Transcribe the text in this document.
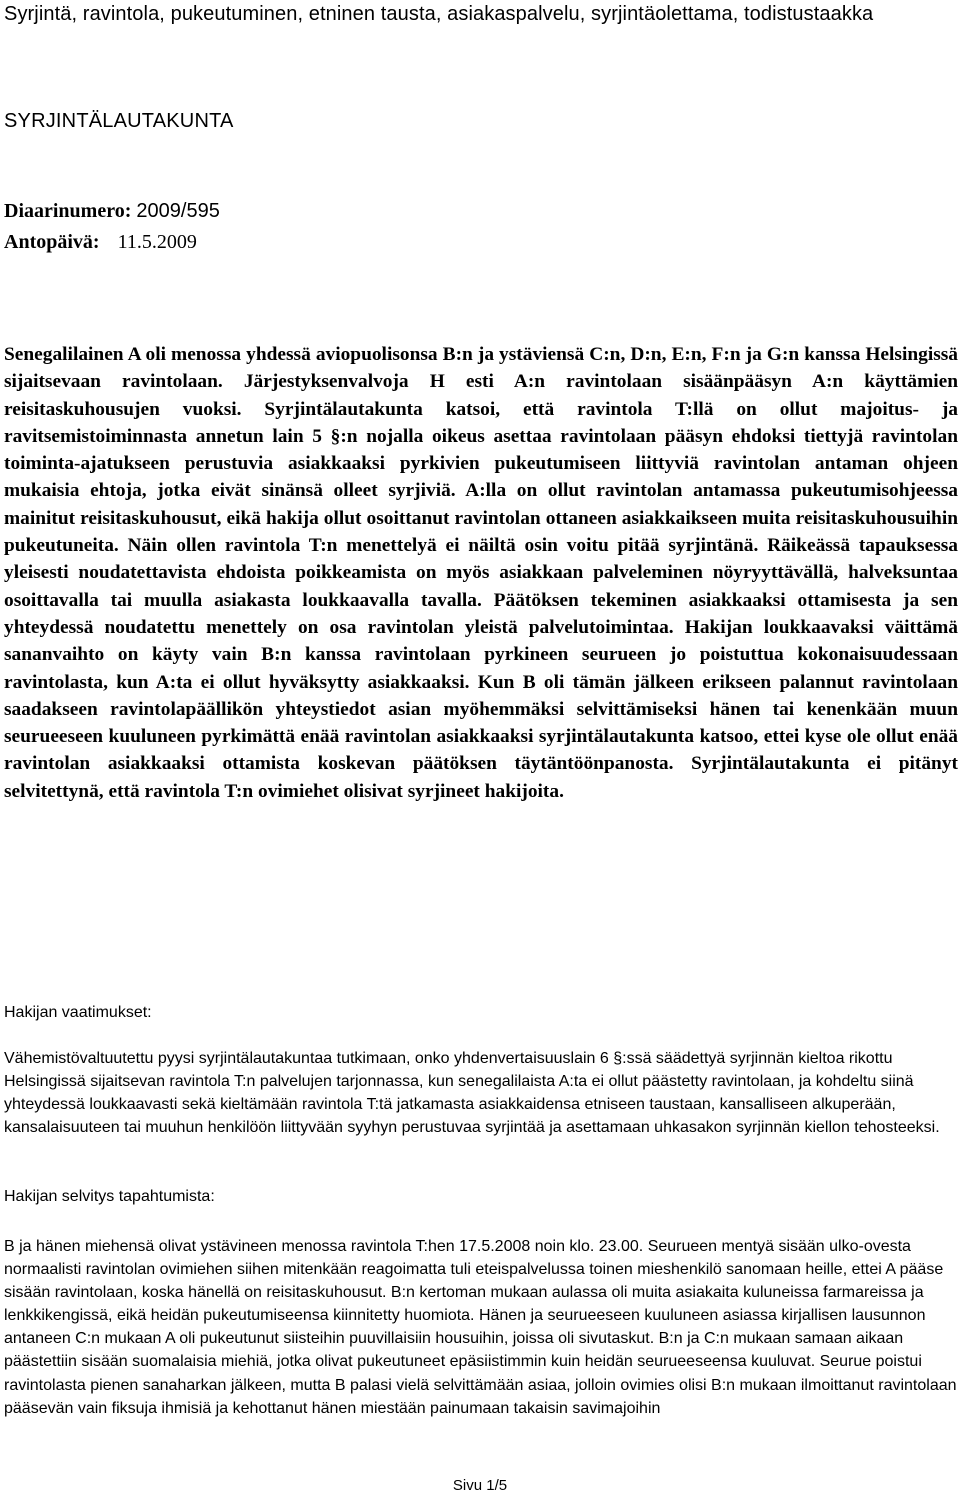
Syrjintä, ravintola, pukeutuminen, etninen tausta, asiakaspalvelu, syrjintäolettama, todistustaakka

SYRJINTÄLAUTAKUNTA

Diaarinumero: 2009/595
Antopäivä: 11.5.2009

Senegalilainen A oli menossa yhdessä aviopuolisonsa B:n ja ystäviensä C:n, D:n, E:n, F:n ja G:n kanssa Helsingissä sijaitsevaan ravintolaan. Järjestyksenvalvoja H esti A:n ravintolaan sisäänpääsyn A:n käyttämien reisitaskuhousujen vuoksi. Syrjintälautakunta katsoi, että ravintola T:llä on ollut majoitus- ja ravitsemistoiminnasta annetun lain 5 §:n nojalla oikeus asettaa ravintolaan pääsyn ehdoksi tiettyjä ravintolan toiminta-ajatukseen perustuvia asiakkaaksi pyrkivien pukeutumiseen liittyviä ravintolan antaman ohjeen mukaisia ehtoja, jotka eivät sinänsä olleet syrjiviä. A:lla on ollut ravintolan antamassa pukeutumisohjeessa mainitut reisitaskuhousut, eikä hakija ollut osoittanut ravintolan ottaneen asiakkaikseen muita reisitaskuhousuihin pukeutuneita. Näin ollen ravintola T:n menettelyä ei näiltä osin voitu pitää syrjintänä. Räikeässä tapauksessa yleisesti noudatettavista ehdoista poikkeamista on myös asiakkaan palveleminen nöyryyttävällä, halveksuntaa osoittavalla tai muulla asiakasta loukkaavalla tavalla. Päätöksen tekeminen asiakkaaksi ottamisesta ja sen yhteydessä noudatettu menettely on osa ravintolan yleistä palvelutoimintaa. Hakijan loukkaavaksi väittämä sananvaihto on käyty vain B:n kanssa ravintolaan pyrkineen seurueen jo poistuttua kokonaisuudessaan ravintolasta, kun A:ta ei ollut hyväksytty asiakkaaksi. Kun B oli tämän jälkeen erikseen palannut ravintolaan saadakseen ravintolapäällikön yhteystiedot asian myöhemmäksi selvittämiseksi hänen tai kenenkään muun seurueeseen kuuluneen pyrkimättä enää ravintolan asiakkaaksi syrjintälautakunta katsoo, ettei kyse ole ollut enää ravintolan asiakkaaksi ottamista koskevan päätöksen täytäntöönpanosta. Syrjintälautakunta ei pitänyt selvitettynä, että ravintola T:n ovimiehet olisivat syrjineet hakijoita.

Hakijan vaatimukset:

Vähemistövaltuutettu pyysi syrjintälautakuntaa tutkimaan, onko yhdenvertaisuuslain 6 §:ssä säädettyä syrjinnän kieltoa rikottu Helsingissä sijaitsevan ravintola T:n palvelujen tarjonnassa, kun senegalilaista A:ta ei ollut päästetty ravintolaan, ja kohdeltu siinä yhteydessä loukkaavasti sekä kieltämään ravintola T:tä jatkamasta asiakkaidensa etniseen taustaan, kansalliseen alkuperään, kansalaisuuteen tai muuhun henkilöön liittyvään syyhyn perustuvaa syrjintää ja asettamaan uhkasakon syrjinnän kiellon tehosteeksi.

Hakijan selvitys tapahtumista:

B ja hänen miehensä olivat ystävineen menossa ravintola T:hen 17.5.2008 noin klo. 23.00. Seurueen mentyä sisään ulko-ovesta normaalisti ravintolan ovimiehen siihen mitenkään reagoimatta tuli eteispalvelussa toinen mieshenkilö sanomaan heille, ettei A pääse sisään ravintolaan, koska hänellä on reisitaskuhousut. B:n kertoman mukaan aulassa oli muita asiakaita kuluneissa farmareissa ja lenkkikengissä, eikä heidän pukeutumiseensa kiinnitetty huomiota. Hänen ja seurueeseen kuuluneen asiassa kirjallisen lausunnon antaneen C:n mukaan A oli pukeutunut siisteihin puuvillaisiin housuihin, joissa oli sivutaskut. B:n ja C:n mukaan samaan aikaan päästettiin sisään suomalaisia miehiä, jotka olivat pukeutuneet epäsiistimmin kuin heidän seurueeseensa kuuluvat. Seurue poistui ravintolasta pienen sanaharkan jälkeen, mutta B palasi vielä selvittämään asiaa, jolloin ovimies olisi B:n mukaan ilmoittanut ravintolaan pääsevän vain fiksuja ihmisiä ja kehottanut hänen miestään painumaan takaisin savimajoihin

Sivu 1/5
